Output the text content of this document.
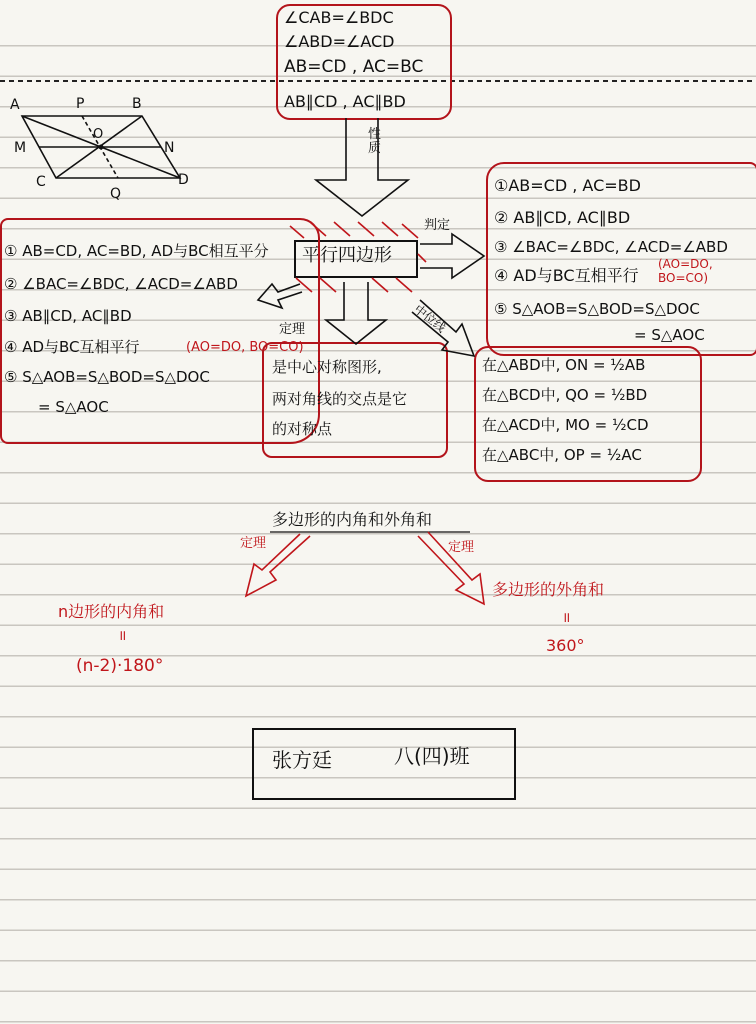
∠CAB=∠BDC
∠ABD=∠ACD
AB=CD , AC=BC
AB∥CD , AC∥BD
A	P	B
M
O
N
C
Q
D
性质
判定
定理	中位线
平行四边形
① AB=CD, AC=BD, AD与BC相互平分
② ∠BAC=∠BDC, ∠ACD=∠ABD
③ AB∥CD, AC∥BD
④ AD与BC互相平行	(AO=DO, BO=CO)
⑤ S△AOB=S△BOD=S△DOC
= S△AOC
①AB=CD , AC=BD
② AB∥CD, AC∥BD
③ ∠BAC=∠BDC, ∠ACD=∠ABD
④ AD与BC互相平行
(AO=DO, BO=CO)
⑤ S△AOB=S△BOD=S△DOC
= S△AOC
是中心对称图形,
两对角线的交点是它
的对称点
在△ABD中, ON = ½AB
在△BCD中, QO = ½BD
在△ACD中, MO = ½CD
在△ABC中, OP = ½AC
多边形的内角和外角和
定理	定理
n边形的内角和
॥
(n-2)·180°
多边形的外角和
॥
360°
张方廷	八(四)班
